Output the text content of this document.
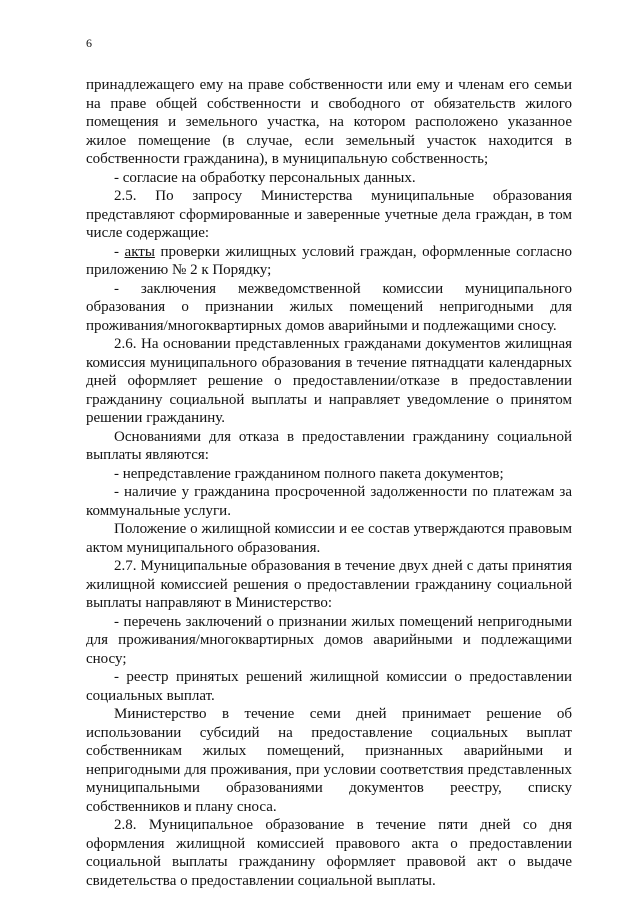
6

принадлежащего ему на праве собственности или ему и членам его семьи на праве общей собственности и свободного от обязательств жилого помещения и земельного участка, на котором расположено указанное жилое помещение (в случае, если земельный участок находится в собственности гражданина), в муниципальную собственность;

- согласие на обработку персональных данных.

2.5. По запросу Министерства муниципальные образования представляют сформированные и заверенные учетные дела граждан, в том числе содержащие:

- акты проверки жилищных условий граждан, оформленные согласно приложению № 2 к Порядку;

- заключения межведомственной комиссии муниципального образования о признании жилых помещений непригодными для проживания/многоквартирных домов аварийными и подлежащими сносу.

2.6. На основании представленных гражданами документов жилищная комиссия муниципального образования в течение пятнадцати календарных дней оформляет решение о предоставлении/отказе в предоставлении гражданину социальной выплаты и направляет уведомление о принятом решении гражданину.

Основаниями для отказа в предоставлении гражданину социальной выплаты являются:

- непредставление гражданином полного пакета документов;

- наличие у гражданина просроченной задолженности по платежам за коммунальные услуги.

Положение о жилищной комиссии и ее состав утверждаются правовым актом муниципального образования.

2.7. Муниципальные образования в течение двух дней с даты принятия жилищной комиссией решения о предоставлении гражданину социальной выплаты направляют в Министерство:

- перечень заключений о признании жилых помещений непригодными для проживания/многоквартирных домов аварийными и подлежащими сносу;

- реестр принятых решений жилищной комиссии о предоставлении социальных выплат.

Министерство в течение семи дней принимает решение об использовании субсидий на предоставление социальных выплат собственникам жилых помещений, признанных аварийными и непригодными для проживания, при условии соответствия представленных муниципальными образованиями документов реестру, списку собственников и плану сноса.

2.8. Муниципальное образование в течение пяти дней со дня оформления жилищной комиссией правового акта о предоставлении социальной выплаты гражданину оформляет правовой акт о выдаче свидетельства о предоставлении социальной выплаты.
